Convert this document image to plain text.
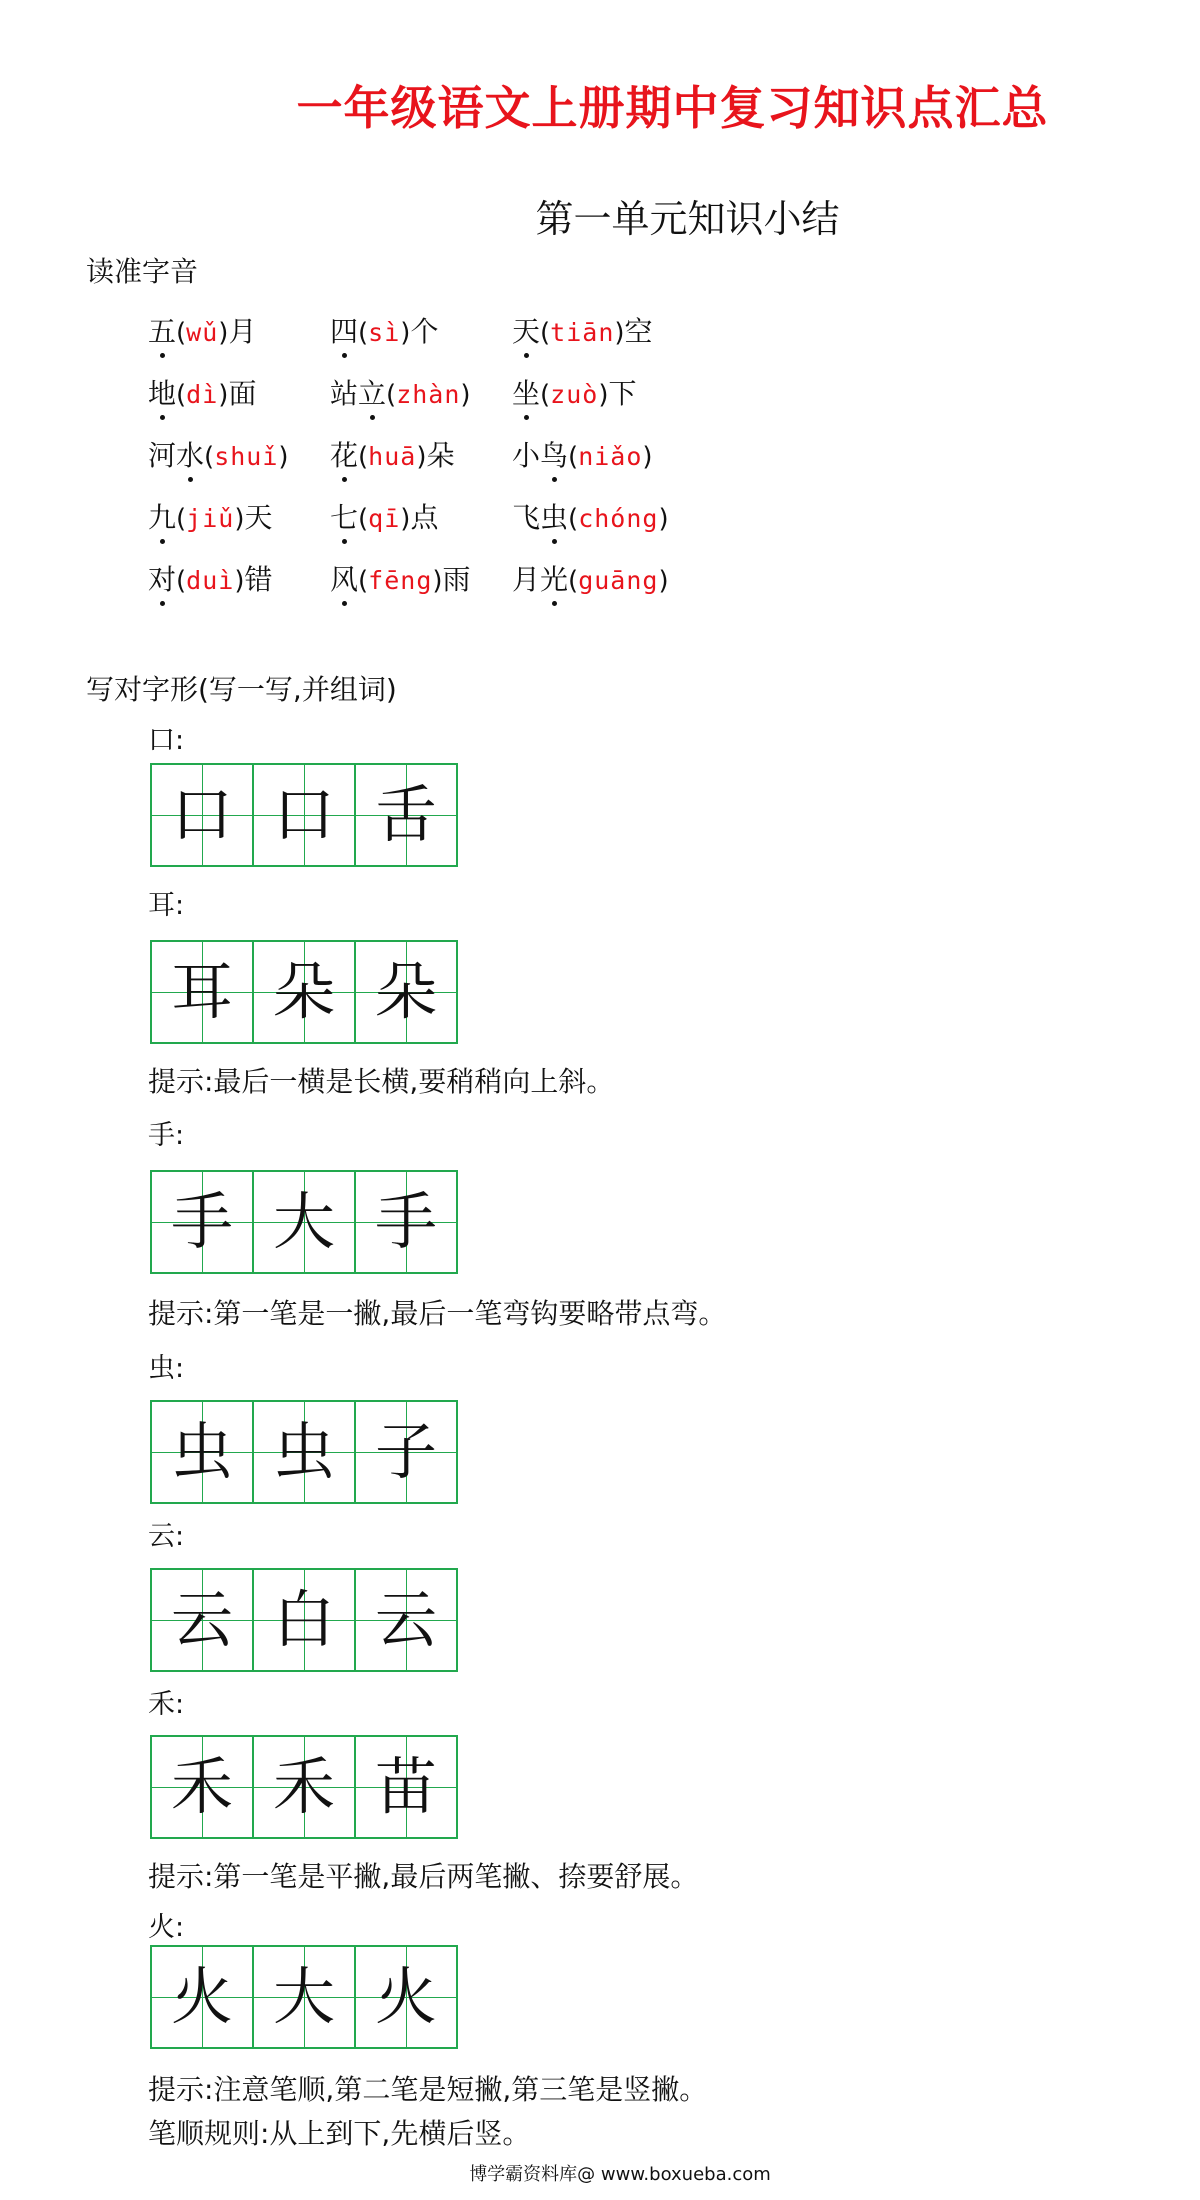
一年级语文上册期中复习知识点汇总
第一单元知识小结
读准字音
五(wǔ)月	四(sì)个	天(tiān)空
地(dì)面	站立(zhàn) 坐(zuò)下
河水(shuǐ) 花(huā)朵 小鸟(niǎo)
九(jiǔ)天 七(qī)点	飞虫(chóng)
对(duì)错 风(fēng)雨 月光(guāng)
写对字形(写一写,并组词)
口:
口 口 舌
耳:
耳 朵 朵
提示:最后一横是长横,要稍稍向上斜。
手:
手 大 手
提示:第一笔是一撇,最后一笔弯钩要略带点弯。
虫:
虫 虫 子
云:
云 白 云
禾:
禾 禾 苗
提示:第一笔是平撇,最后两笔撇、捺要舒展。
火:
火 大 火
提示:注意笔顺,第二笔是短撇,第三笔是竖撇。
笔顺规则:从上到下,先横后竖。
博学霸资料库@ www.boxueba.com
